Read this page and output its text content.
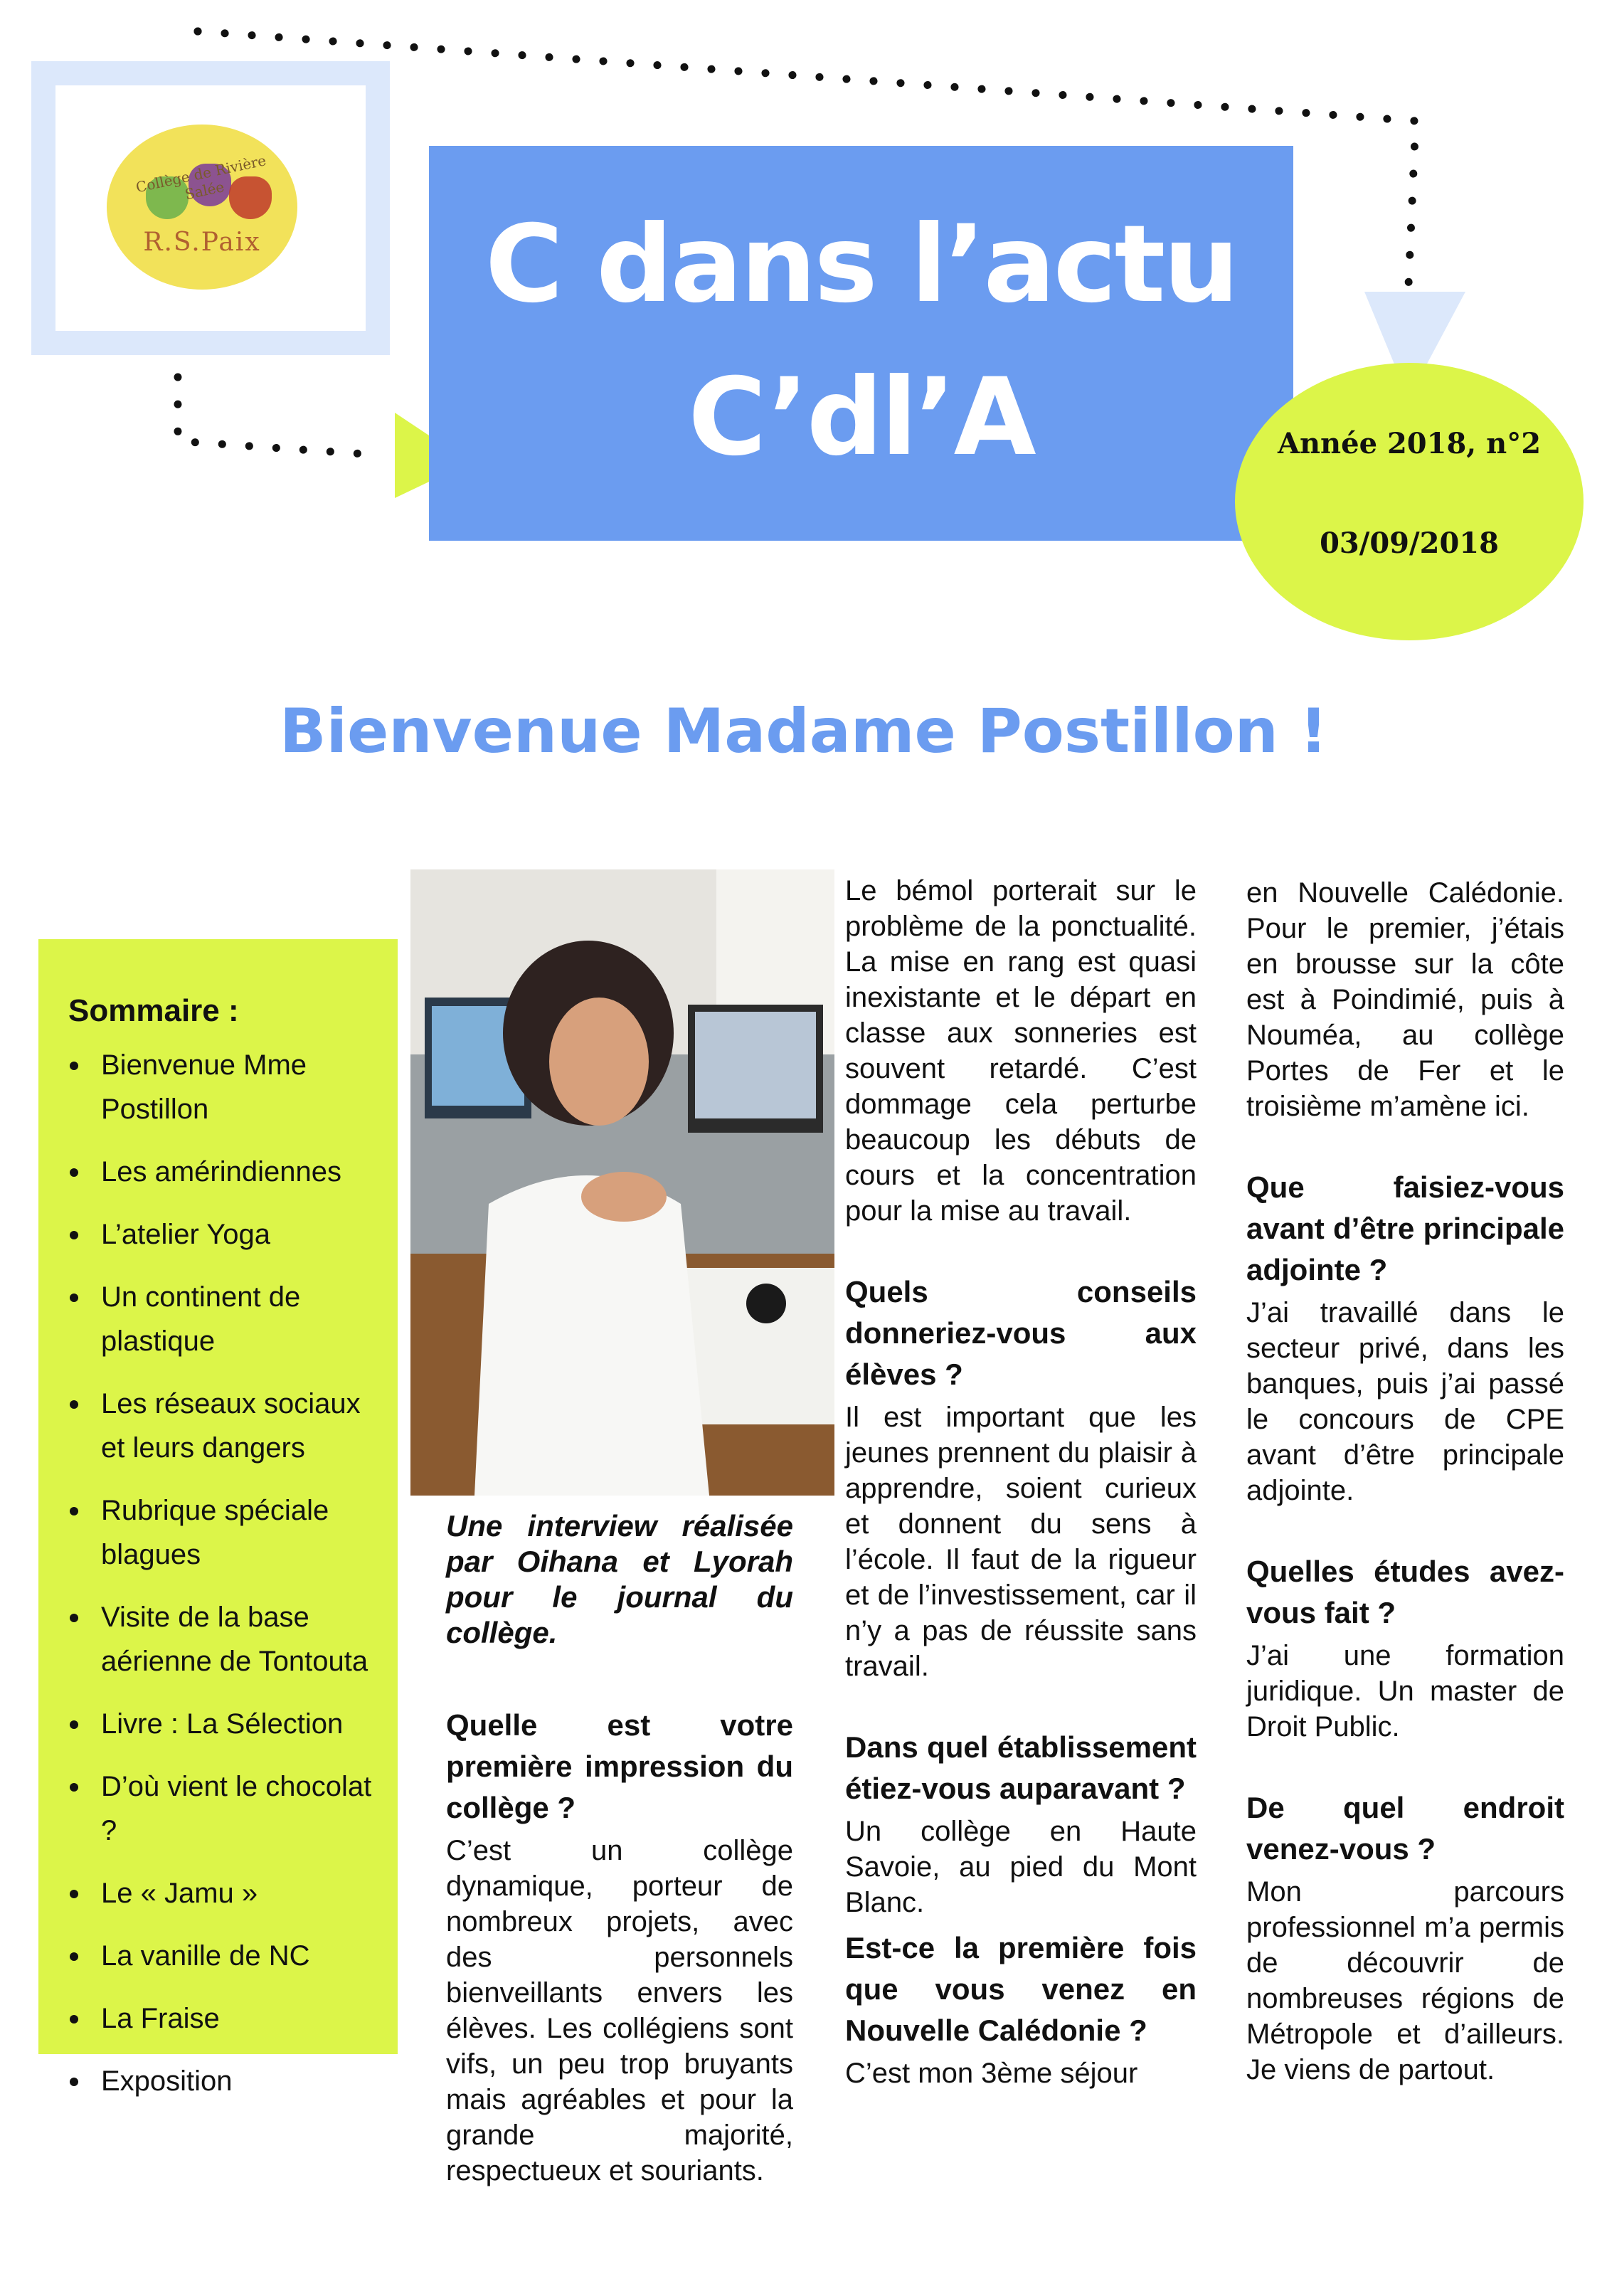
Collège de Rivière Salée
R.S.Paix	C dans l’actu
C’dl’A	Année 2018, n°2
03/09/2018
Bienvenue Madame Postillon !
Sommaire :
Bienvenue Mme Postillon
Les amérindiennes
L’atelier Yoga
Un continent de plastique
Les réseaux sociaux et leurs dangers
Rubrique spéciale blagues
Visite de la base aérienne de Tontouta
Livre : La Sélection
D’où vient le chocolat ?
Le « Jamu »
La vanille de NC
La Fraise
Exposition

Une interview réalisée par Oihana et Lyorah pour le journal du collège.

Quelle est votre première impression du collège ?

C’est un collège dynamique, porteur de nombreux projets, avec des personnels bienveillants envers les élèves. Les collégiens sont vifs, un peu trop bruyants mais agréables et pour la grande majorité, respectueux et souriants.

Le bémol porterait sur le problème de la ponctualité. La mise en rang est quasi inexistante et le départ en classe aux sonneries est souvent retardé. C’est dommage cela perturbe beaucoup les débuts de cours et la concentration pour la mise au travail.

Quels conseils donneriez-vous aux élèves ?

Il est important que les jeunes prennent du plaisir à apprendre, soient curieux et donnent du sens à l’école. Il faut de la rigueur et de l’investissement, car il n’y a pas de réussite sans travail.

Dans quel établissement étiez-vous auparavant ?

Un collège en Haute Savoie, au pied du Mont Blanc.

Est-ce la première fois que vous venez en Nouvelle Calédonie ?

C’est mon 3ème séjour

en Nouvelle Calédonie. Pour le premier, j’étais en brousse sur la côte est à Poindimié, puis à Nouméa, au collège Portes de Fer et le troisième m’amène ici.

Que faisiez-vous avant d’être principale adjointe ?

J’ai travaillé dans le secteur privé, dans les banques, puis j’ai passé le concours de CPE avant d’être principale adjointe.

Quelles études avez-vous fait ?

J’ai une formation juridique. Un master de Droit Public.

De quel endroit venez-vous ?

Mon parcours professionnel m’a permis de découvrir de nombreuses régions de Métropole et d’ailleurs. Je viens de partout.
